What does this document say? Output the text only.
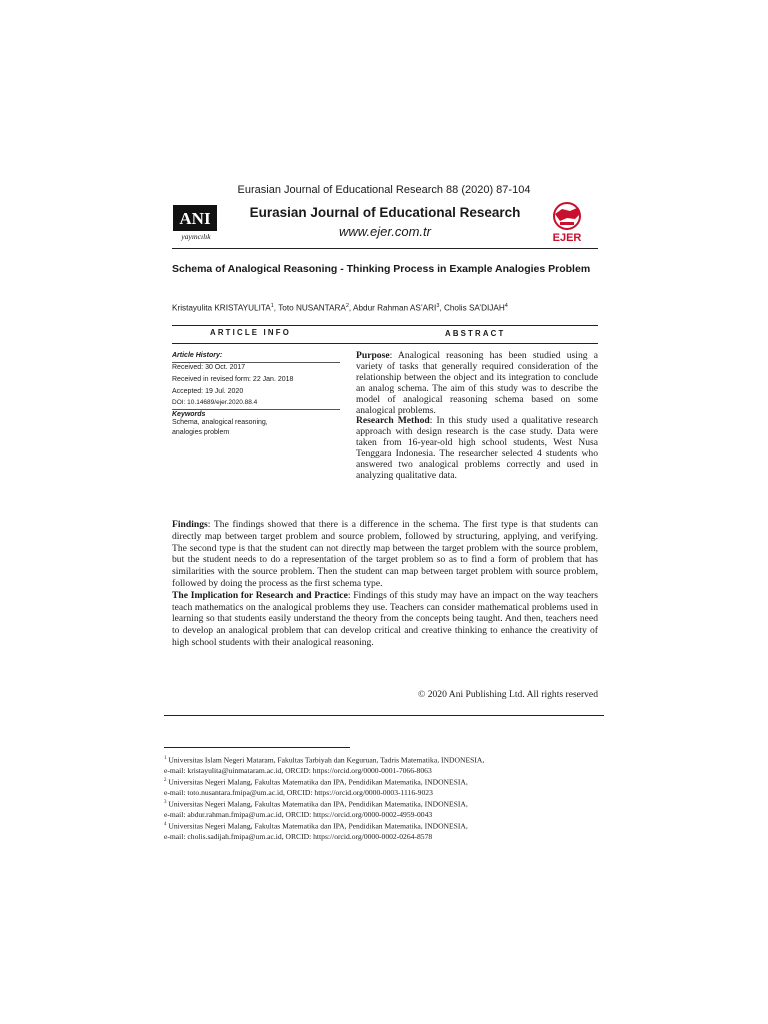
Eurasian Journal of Educational Research 88 (2020) 87-104
ANI
yayıncılık
Eurasian Journal of Educational Research
www.ejer.com.tr	EJER
Schema of Analogical Reasoning - Thinking Process in Example Analogies Problem
Kristayulita KRISTAYULITA$^1$, Toto NUSANTARA$^2$, Abdur Rahman AS’ARI$^3$, Cholis SA’DIJAH$^4$
ARTICLE INFO	ABSTRACT
Article History:
Received: 30 Oct. 2017
Received in revised form: 22 Jan. 2018
Accepted: 19 Jul. 2020
DOI: 10.14689/ejer.2020.88.4
Keywords
Schema, analogical reasoning, analogies problem

Purpose: Analogical reasoning has been studied using a variety of tasks that generally required consideration of the relationship between the object and its integration to conclude an analog schema. The aim of this study was to describe the model of analogical reasoning schema based on some analogical problems.

Research Method: In this study used a qualitative research approach with design research is the case study. Data were taken from 16-year-old high school students, West Nusa Tenggara Indonesia. The researcher selected 4 students who answered two analogical problems correctly and used in analyzing qualitative data.

Findings: The findings showed that there is a difference in the schema. The first type is that students can directly map between target problem and source problem, followed by structuring, applying, and verifying. The second type is that the student can not directly map between the target problem with the source problem, but the student needs to do a representation of the target problem so as to find a form of problem that has similarities with the source problem. Then the student can map between target problem with source problem, followed by doing the process as the first schema type.

The Implication for Research and Practice: Findings of this study may have an impact on the way teachers teach mathematics on the analogical problems they use. Teachers can consider mathematical problems used in learning so that students easily understand the theory from the concepts being taught. And then, teachers need to develop an analogical problem that can develop critical and creative thinking to enhance the creativity of high school students with their analogical reasoning.

© 2020 Ani Publishing Ltd. All rights reserved
$^1$ Universitas Islam Negeri Mataram, Fakultas Tarbiyah dan Keguruan, Tadris Matematika, INDONESIA,
e-mail: kristayulita@uinmataram.ac.id, ORCID: https://orcid.org/0000-0001-7066-8063
$^2$ Universitas Negeri Malang, Fakultas Matematika dan IPA, Pendidikan Matematika, INDONESIA,
e-mail: toto.nusantara.fmipa@um.ac.id, ORCID: https://orcid.org/0000-0003-1116-9023
$^3$ Universitas Negeri Malang, Fakultas Matematika dan IPA, Pendidikan Matematika, INDONESIA,
e-mail: abdur.rahman.fmipa@um.ac.id, ORCID: https://orcid.org/0000-0002-4959-0043
$^4$ Universitas Negeri Malang, Fakultas Matematika dan IPA, Pendidikan Matematika, INDONESIA,
e-mail: cholis.sadijah.fmipa@um.ac.id, ORCID: https://orcid.org/0000-0002-0264-8578
